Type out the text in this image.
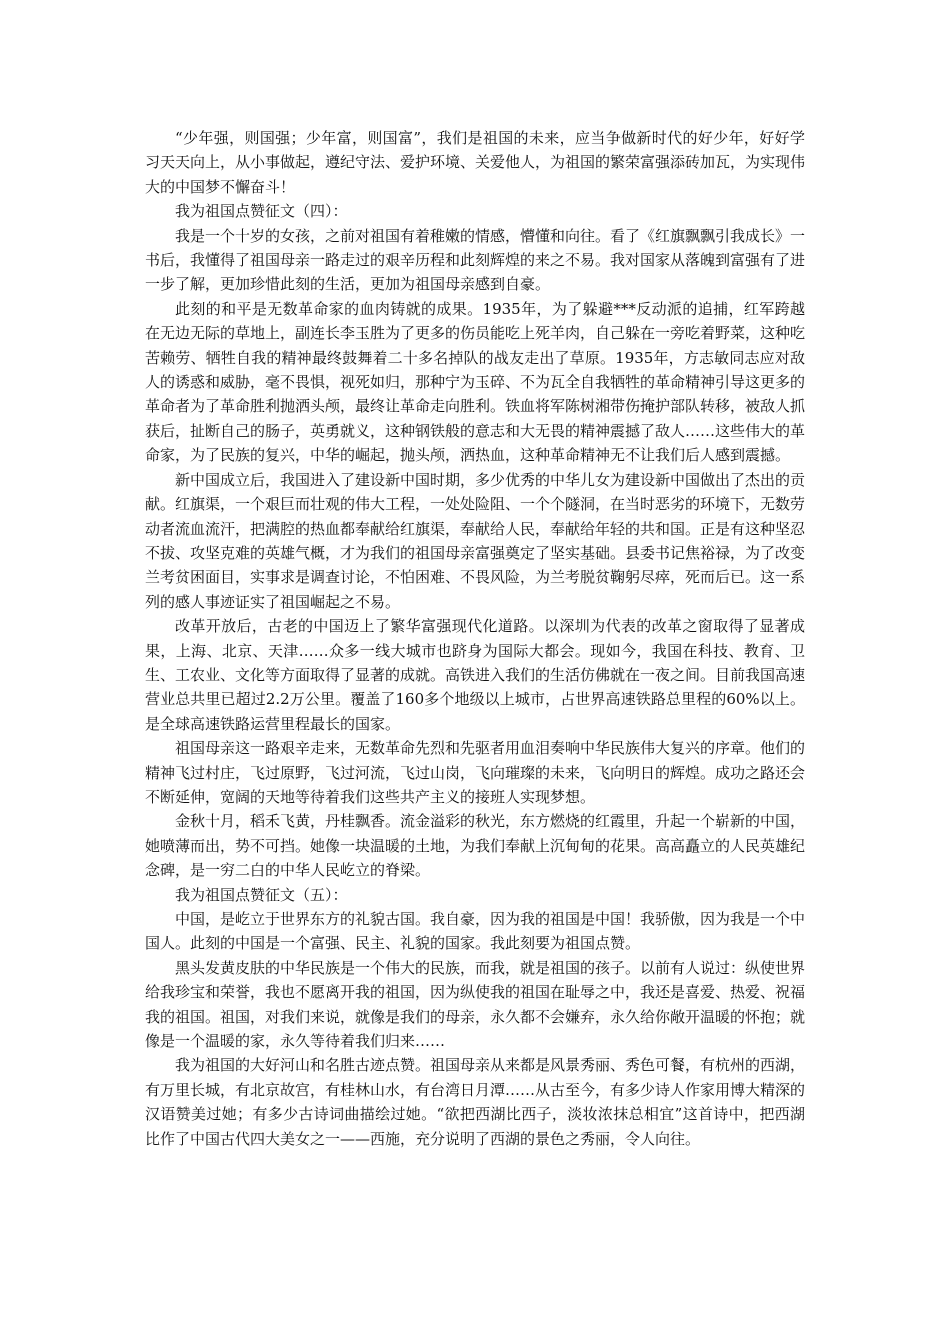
“少年强，则国强；少年富，则国富”，我们是祖国的未来，应当争做新时代的好少年，好好学习天天向上，从小事做起，遵纪守法、爱护环境、关爱他人，为祖国的繁荣富强添砖加瓦，为实现伟大的中国梦不懈奋斗！

我为祖国点赞征文（四）：

我是一个十岁的女孩，之前对祖国有着稚嫩的情感，懵懂和向往。看了《红旗飘飘引我成长》一书后，我懂得了祖国母亲一路走过的艰辛历程和此刻辉煌的来之不易。我对国家从落魄到富强有了进一步了解，更加珍惜此刻的生活，更加为祖国母亲感到自豪。

此刻的和平是无数革命家的血肉铸就的成果。1935年，为了躲避***反动派的追捕，红军跨越在无边无际的草地上，副连长李玉胜为了更多的伤员能吃上死羊肉，自己躲在一旁吃着野菜，这种吃苦赖劳、牺牲自我的精神最终鼓舞着二十多名掉队的战友走出了草原。1935年，方志敏同志应对敌人的诱惑和威胁，毫不畏惧，视死如归，那种宁为玉碎、不为瓦全自我牺牲的革命精神引导这更多的革命者为了革命胜利抛洒头颅，最终让革命走向胜利。铁血将军陈树湘带伤掩护部队转移，被敌人抓获后，扯断自己的肠子，英勇就义，这种钢铁般的意志和大无畏的精神震撼了敌人……这些伟大的革命家，为了民族的复兴，中华的崛起，抛头颅，洒热血，这种革命精神无不让我们后人感到震撼。

新中国成立后，我国进入了建设新中国时期，多少优秀的中华儿女为建设新中国做出了杰出的贡献。红旗渠，一个艰巨而壮观的伟大工程，一处处险阻、一个个隧洞，在当时恶劣的环境下，无数劳动者流血流汗，把满腔的热血都奉献给红旗渠，奉献给人民，奉献给年轻的共和国。正是有这种坚忍不拔、攻坚克难的英雄气概，才为我们的祖国母亲富强奠定了坚实基础。县委书记焦裕禄，为了改变兰考贫困面目，实事求是调查讨论，不怕困难、不畏风险，为兰考脱贫鞠躬尽瘁，死而后已。这一系列的感人事迹证实了祖国崛起之不易。

改革开放后，古老的中国迈上了繁华富强现代化道路。以深圳为代表的改革之窗取得了显著成果，上海、北京、天津……众多一线大城市也跻身为国际大都会。现如今，我国在科技、教育、卫生、工农业、文化等方面取得了显著的成就。高铁进入我们的生活仿佛就在一夜之间。目前我国高速营业总共里已超过2.2万公里。覆盖了160多个地级以上城市，占世界高速铁路总里程的60%以上。是全球高速铁路运营里程最长的国家。

祖国母亲这一路艰辛走来，无数革命先烈和先驱者用血泪奏响中华民族伟大复兴的序章。他们的精神飞过村庄，飞过原野，飞过河流，飞过山岗，飞向璀璨的未来，飞向明日的辉煌。成功之路还会不断延伸，宽阔的天地等待着我们这些共产主义的接班人实现梦想。

金秋十月，稻禾飞黄，丹桂飘香。流金溢彩的秋光，东方燃烧的红霞里，升起一个崭新的中国，她喷薄而出，势不可挡。她像一块温暖的土地，为我们奉献上沉甸甸的花果。高高矗立的人民英雄纪念碑，是一穷二白的中华人民屹立的脊梁。

我为祖国点赞征文（五）：

中国，是屹立于世界东方的礼貌古国。我自豪，因为我的祖国是中国！我骄傲，因为我是一个中国人。此刻的中国是一个富强、民主、礼貌的国家。我此刻要为祖国点赞。

黑头发黄皮肤的中华民族是一个伟大的民族，而我，就是祖国的孩子。以前有人说过：纵使世界给我珍宝和荣誉，我也不愿离开我的祖国，因为纵使我的祖国在耻辱之中，我还是喜爱、热爱、祝福我的祖国。祖国，对我们来说，就像是我们的母亲，永久都不会嫌弃，永久给你敞开温暖的怀抱；就像是一个温暖的家，永久等待着我们归来……

我为祖国的大好河山和名胜古迹点赞。祖国母亲从来都是风景秀丽、秀色可餐，有杭州的西湖，有万里长城，有北京故宫，有桂林山水，有台湾日月潭……从古至今，有多少诗人作家用博大精深的汉语赞美过她；有多少古诗词曲描绘过她。“欲把西湖比西子，淡妆浓抹总相宜”这首诗中，把西湖比作了中国古代四大美女之一——西施，充分说明了西湖的景色之秀丽，令人向往。
